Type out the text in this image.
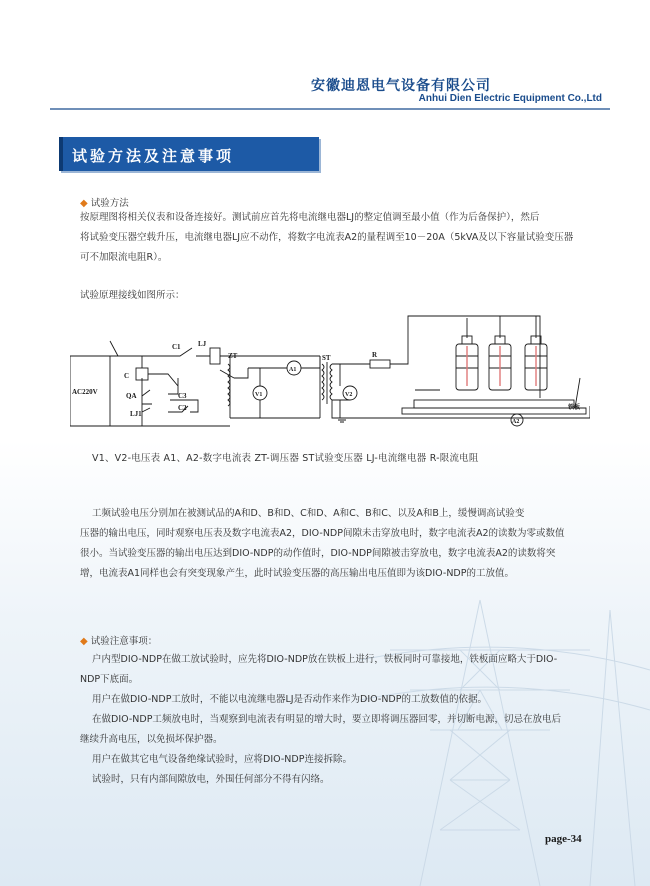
安徽迪恩电气设备有限公司
Anhui Dien Electric Equipment Co.,Ltd
试验方法及注意事项
◆ 试验方法
按原理图将相关仪表和设备连接好。测试前应首先将电流继电器LJ的整定值调至最小值（作为后备保护），然后
将试验变压器空载升压，电流继电器LJ应不动作，将数字电流表A2的量程调至10－20A（5kVA及以下容量试验变压器
可不加限流电阻R）。
试验原理接线如图所示：
AC220V
C1 LJ
C
QA	C3
LJ1
C2
ZT
A1
V1
ST
V2
R
A2
铁板
V1、V2-电压表 A1、A2-数字电流表 ZT-调压器 ST试验变压器 LJ-电流继电器 R-限流电阻
工频试验电压分别加在被测试品的A和D、B和D、C和D、A和C、B和C、以及A和B上，缓慢调高试验变
压器的输出电压，同时观察电压表及数字电流表A2，DIO-NDP间隙未击穿放电时，数字电流表A2的读数为零或数值
很小。当试验变压器的输出电压达到DIO-NDP的动作值时，DIO-NDP间隙被击穿放电，数字电流表A2的读数将突
增，电流表A1同样也会有突变现象产生，此时试验变压器的高压输出电压值即为该DIO-NDP的工放值。
◆ 试验注意事项：
户内型DIO-NDP在做工放试验时，应先将DIO-NDP放在铁板上进行，铁板同时可靠接地，铁板面应略大于DIO-
NDP下底面。
用户在做DIO-NDP工放时，不能以电流继电器LJ是否动作来作为DIO-NDP的工放数值的依据。
在做DIO-NDP工频放电时，当观察到电流表有明显的增大时，要立即将调压器回零，并切断电源，切忌在放电后
继续升高电压，以免损坏保护器。
用户在做其它电气设备绝缘试验时，应将DIO-NDP连接拆除。
试验时，只有内部间隙放电，外围任何部分不得有闪络。
page-34
